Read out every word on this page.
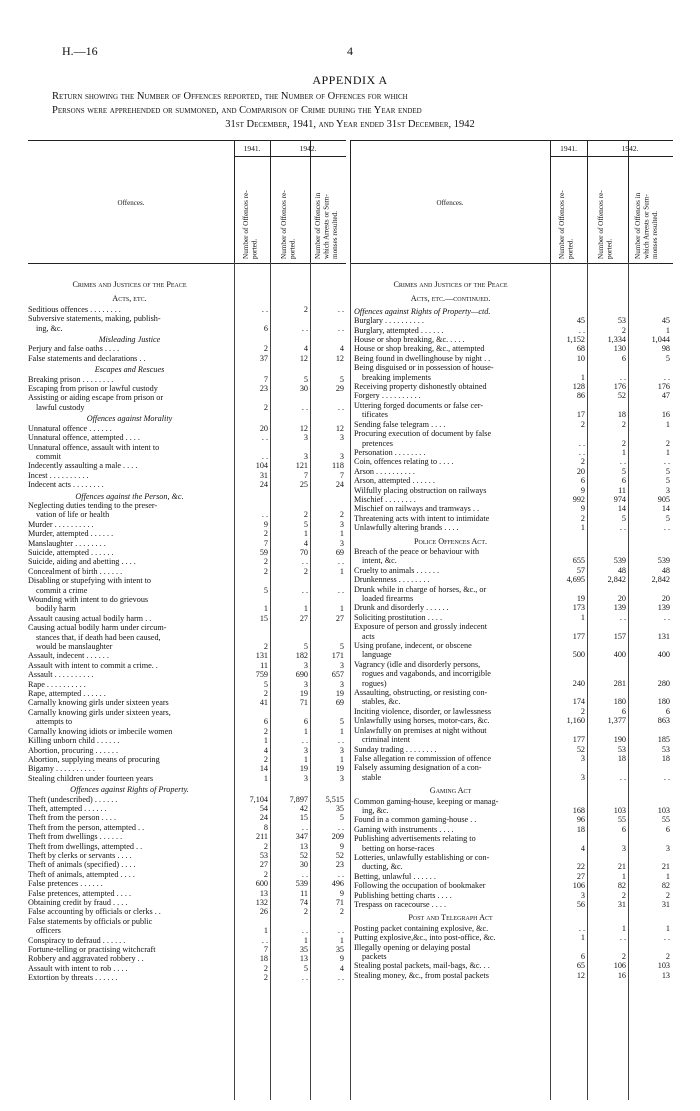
H.—16	4
APPENDIX A
Return showing the Number of Offences reported, the Number of Offences for which
Persons were apprehended or summoned, and Comparison of Crime during the Year ended
31st December, 1941, and Year ended 31st December, 1942
1941.	1942.
Offences.
Number of Offences re-
ported.	Number of Offences re-
ported. Number of Offences in
which Arrests or Sum-
monses resulted.
Crimes and Justices of the Peace
Acts, etc.
Seditious offences . . . . . . . .	. .	2	. .
Subversive statements, making, publish-
ing, &c.	6	. .	. .
Misleading Justice
Perjury and false oaths . . . .	2	4	4
False statements and declarations . .	37	12	12
Escapes and Rescues
Breaking prison . . . . . . . .	7	5	5
Escaping from prison or lawful custody	23	30	29
Assisting or aiding escape from prison or
lawful custody	2	. .	. .
Offences against Morality
Unnatural offence . . . . . .	20	12	12
Unnatural offence, attempted . . . .	. .	3	3
Unnatural offence, assault with intent to
commit	. .	3	3
Indecently assaulting a male . . . .	104	121	118
Incest . . . . . . . . . .	31	7	7
Indecent acts . . . . . . . .	24	25	24
Offences against the Person, &c.
Neglecting duties tending to the preser-
vation of life or health	. .	2	2
Murder . . . . . . . . . .	9	5	3
Murder, attempted . . . . . .	2	1	1
Manslaughter . . . . . . . .	7	4	3
Suicide, attempted . . . . . .	59	70	69
Suicide, aiding and abetting . . . .	2	. .	. .
Concealment of birth . . . . . .	2	2	1
Disabling or stupefying with intent to
commit a crime	5	. .	. .
Wounding with intent to do grievous
bodily harm	1	1	1
Assault causing actual bodily harm . .	15	27	27
Causing actual bodily harm under circum-
stances that, if death had been caused,
would be manslaughter	2	5	5
Assault, indecent . . . . . .	131	182	171
Assault with intent to commit a crime. .	11	3	3
Assault . . . . . . . . . .	759	690	657
Rape . . . . . . . . . .	5	3	3
Rape, attempted . . . . . .	2	19	19
Carnally knowing girls under sixteen years	41	71	69
Carnally knowing girls under sixteen years,
attempts to	6	6	5
Carnally knowing idiots or imbecile women	2	1	1
Killing unborn child . . . . . .	1	. .	. .
Abortion, procuring . . . . . .	4	3	3
Abortion, supplying means of procuring	2	1	1
Bigamy . . . . . . . . . .	14	19	19
Stealing children under fourteen years	1	3	3
Offences against Rights of Property.
Theft (undescribed) . . . . . .	7,104	7,897	5,515
Theft, attempted . . . . . .	54	42	35
Theft from the person . . . .	24	15	5
Theft from the person, attempted . .	8	. .	. .
Theft from dwellings . . . . . .	211	347	209
Theft from dwellings, attempted . .	2	13	9
Theft by clerks or servants . . . .	53	52	52
Theft of animals (specified) . . . .	27	30	23
Theft of animals, attempted . . . .	2	. .	. .
False pretences . . . . . .	600	539	496
False pretences, attempted . . . .	13	11	9
Obtaining credit by fraud . . . .	132	74	71
False accounting by officials or clerks . .	26	2	2
False statements by officials or public
officers	1	. .	. .
Conspiracy to defraud . . . . . .	. .	1	1
Fortune-telling or practising witchcraft	7	35	35
Robbery and aggravated robbery . .	18	13	9
Assault with intent to rob . . . .	2	5	4
Extortion by threats . . . . . .	2	. .	. .
1941.	1942.
Offences.
Number of Offences re-
ported.	Number of Offences re-
ported.	Number of Offences in
which Arrests or Sum-
monses resulted.
Crimes and Justices of the Peace
Acts, etc.—continued.
Offences against Rights of Property—ctd.
Burglary . . . . . . . . . .	45	53	45
Burglary, attempted . . . . . .	. .	2	1
House or shop breaking, &c. . . . .	1,152	1,334	1,044
House or shop breaking, &c., attempted	68	130	98
Being found in dwellinghouse by night . .	10	6	5
Being disguised or in possession of house-
breaking implements	1	. .	. .
Receiving property dishonestly obtained	128	176	176
Forgery . . . . . . . . . .	86	52	47
Uttering forged documents or false cer-
tificates	17	18	16
Sending false telegram . . . .	2	2	1
Procuring execution of document by false
pretences	. .	2	2
Personation . . . . . . . .	. .	1	1
Coin, offences relating to . . . .	2	. .	. .
Arson . . . . . . . . . .	20	5	5
Arson, attempted . . . . . .	6	6	5
Wilfully placing obstruction on railways	9	11	3
Mischief . . . . . . . .	992	974	905
Mischief on railways and tramways . .	9	14	14
Threatening acts with intent to intimidate	2	5	5
Unlawfully altering brands . . . .	1	. .	. .
Police Offences Act.
Breach of the peace or behaviour with
intent, &c.	655	539	539
Cruelty to animals . . . . . .	57	48	48
Drunkenness . . . . . . . .	4,695	2,842	2,842
Drunk while in charge of horses, &c., or
loaded firearms	19	20	20
Drunk and disorderly . . . . . .	173	139	139
Soliciting prostitution . . . .	1	. .	. .
Exposure of person and grossly indecent
acts	177	157	131
Using profane, indecent, or obscene
language	500	400	400
Vagrancy (idle and disorderly persons,
rogues and vagabonds, and incorrigible
rogues)	240	281	280
Assaulting, obstructing, or resisting con-
stables, &c.	174	180	180
Inciting violence, disorder, or lawlessness	2	6	6
Unlawfully using horses, motor-cars, &c.	1,160	1,377	863
Unlawfully on premises at night without
criminal intent	177	190	185
Sunday trading . . . . . . . .	52	53	53
False allegation re commission of offence	3	18	18
Falsely assuming designation of a con-
stable	3	. .	. .
Gaming Act
Common gaming-house, keeping or manag-
ing, &c.	168	103	103
Found in a common gaming-house . .	96	55	55
Gaming with instruments . . . .	18	6	6
Publishing advertisements relating to
betting on horse-races	4	3	3
Lotteries, unlawfully establishing or con-
ducting, &c.	22	21	21
Betting, unlawful . . . . . .	27	1	1
Following the occupation of bookmaker	106	82	82
Publishing betting charts . . . .	3	2	2
Trespass on racecourse . . . .	56	31	31
Post and Telegraph Act
Posting packet containing explosive, &c.	. .	1	1
Putting explosive,&c., into post-office, &c.	1	. .	. .
Illegally opening or delaying postal
packets	6	2	2
Stealing postal packets, mail-bags, &c. . .	65	106	103
Stealing money, &c., from postal packets	12	16	13
